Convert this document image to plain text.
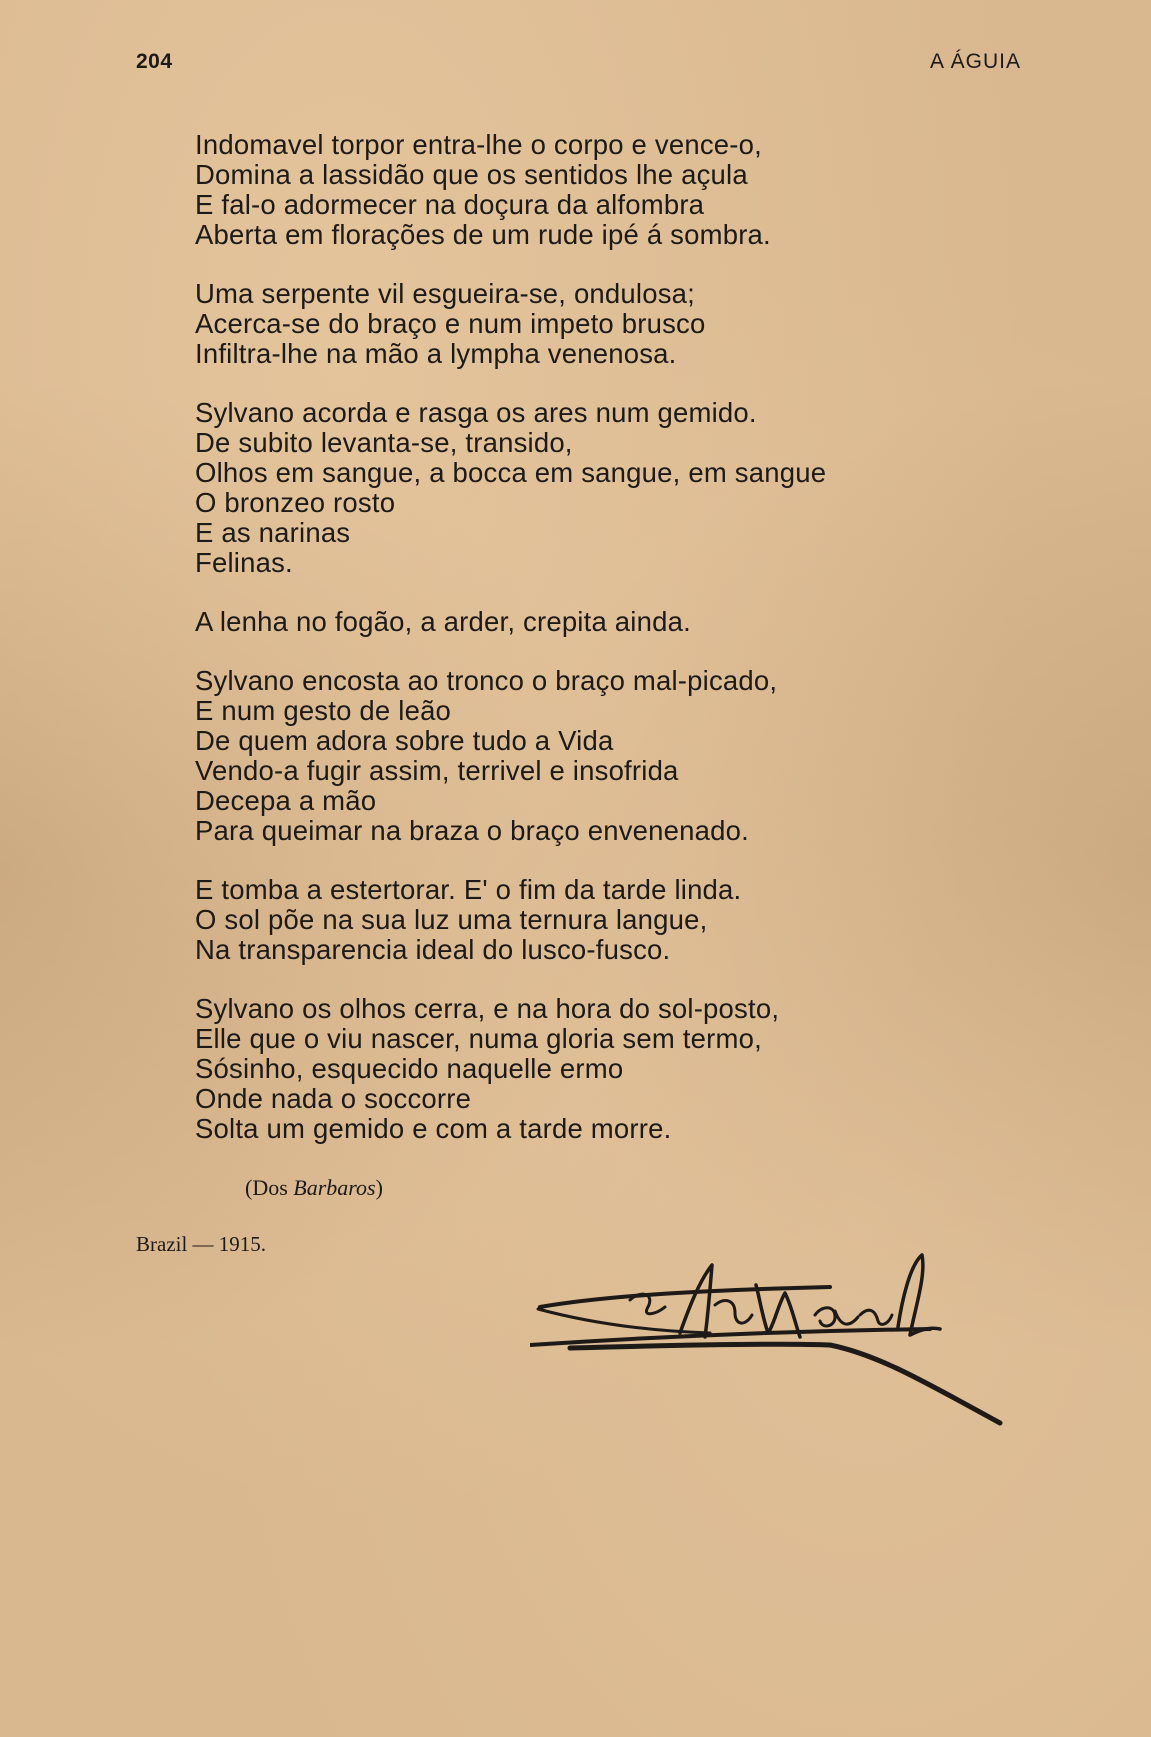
204	A ÁGUIA
Indomavel torpor entra-lhe o corpo e vence-o,
Domina a lassidão que os sentidos lhe açula
E fal-o adormecer na doçura da alfombra
Aberta em florações de um rude ipé á sombra.
Uma serpente vil esgueira-se, ondulosa;
Acerca-se do braço e num impeto brusco
Infiltra-lhe na mão a lympha venenosa.
Sylvano acorda e rasga os ares num gemido.
De subito levanta-se, transido,
Olhos em sangue, a bocca em sangue, em sangue
O bronzeo rosto
E as narinas
Felinas.
A lenha no fogão, a arder, crepita ainda.
Sylvano encosta ao tronco o braço mal-picado,
E num gesto de leão
De quem adora sobre tudo a Vida
Vendo-a fugir assim, terrivel e insofrida
Decepa a mão
Para queimar na braza o braço envenenado.
E tomba a estertorar. E' o fim da tarde linda.
O sol põe na sua luz uma ternura langue,
Na transparencia ideal do lusco-fusco.
Sylvano os olhos cerra, e na hora do sol-posto,
Elle que o viu nascer, numa gloria sem termo,
Sósinho, esquecido naquelle ermo
Onde nada o soccorre
Solta um gemido e com a tarde morre.
(Dos Barbaros)
Brazil — 1915.
